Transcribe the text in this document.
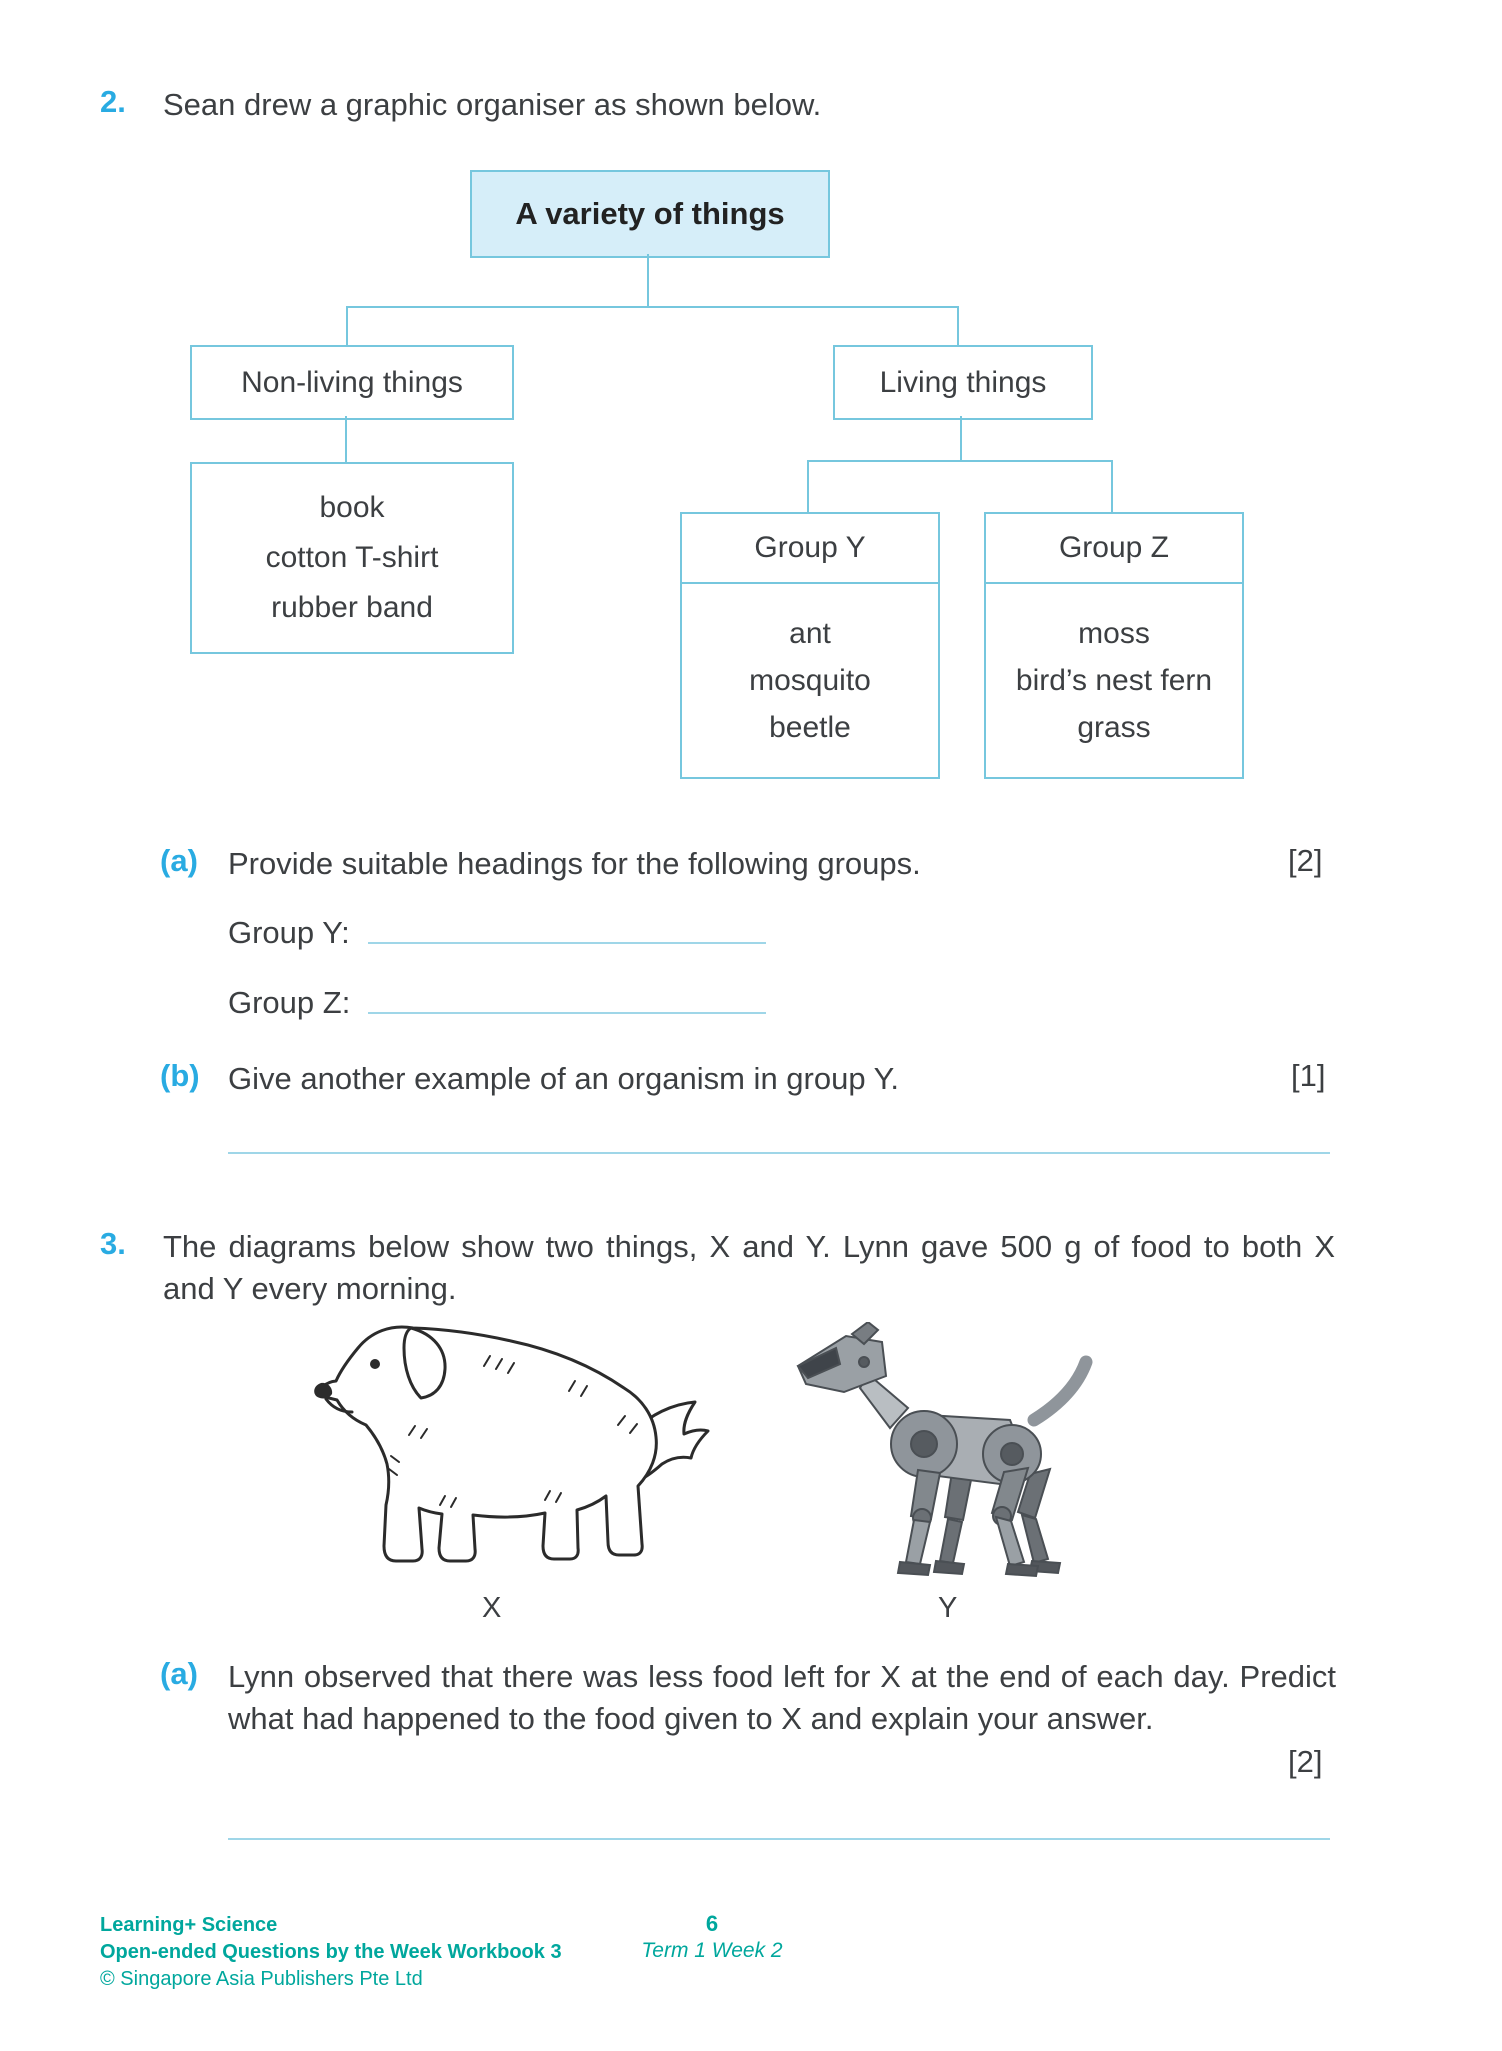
2. Sean drew a graphic organiser as shown below.
A variety of things
Non-living things	Living things
book
cotton T-shirt
rubber band
Group Y
ant
mosquito
beetle
Group Z
moss
bird’s nest fern
grass
(a) Provide suitable headings for the following groups.	[2]
Group Y:
Group Z:
(b) Give another example of an organism in group Y.	[1]
3. The diagrams below show two things, X and Y. Lynn gave 500 g of food to both X and Y every morning.
X	Y
(a) Lynn observed that there was less food left for X at the end of each day. Predict what had happened to the food given to X and explain your answer.
[2]
Learning+ Science
Open-ended Questions by the Week Workbook 3
© Singapore Asia Publishers Pte Ltd
6
Term 1 Week 2
